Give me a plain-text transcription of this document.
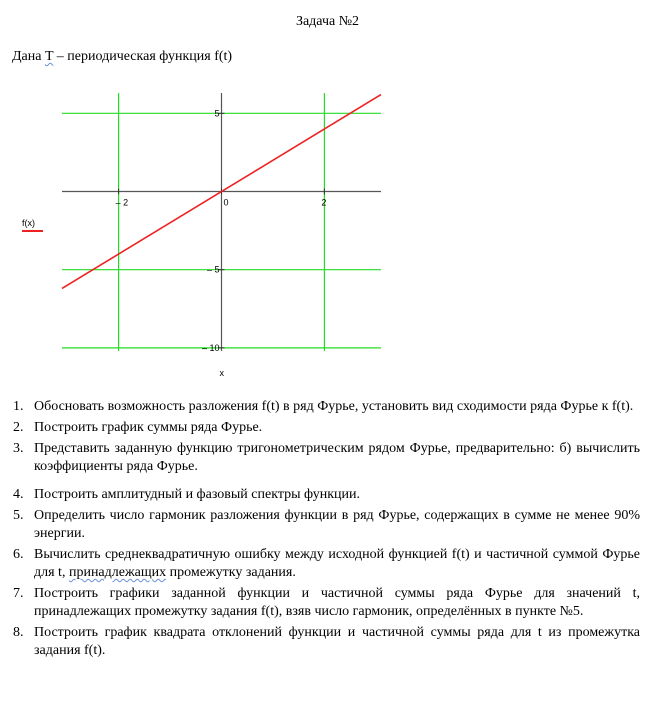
Задача №2
Дана T – периодическая функция f(t)
– 2	0	2
5
– 5
– 10
f(x)
x
1. Обосновать возможность разложения f(t) в ряд Фурье, установить вид сходимости ряда Фурье к f(t).
2. Построить график суммы ряда Фурье.
3. Представить заданную функцию тригонометрическим рядом Фурье, предварительно: б) вычислить коэффициенты ряда Фурье.
4. Построить амплитудный и фазовый спектры функции.
5. Определить число гармоник разложения функции в ряд Фурье, содержащих в сумме не менее 90% энергии.
6. Вычислить среднеквадратичную ошибку между исходной функцией f(t) и частичной суммой Фурье для t, принадлежащих промежутку задания.
7. Построить графики заданной функции и частичной суммы ряда Фурье для значений t, принадлежащих промежутку задания f(t), взяв число гармоник, определённых в пункте №5.
8. Построить график квадрата отклонений функции и частичной суммы ряда для t из промежутка задания f(t).
